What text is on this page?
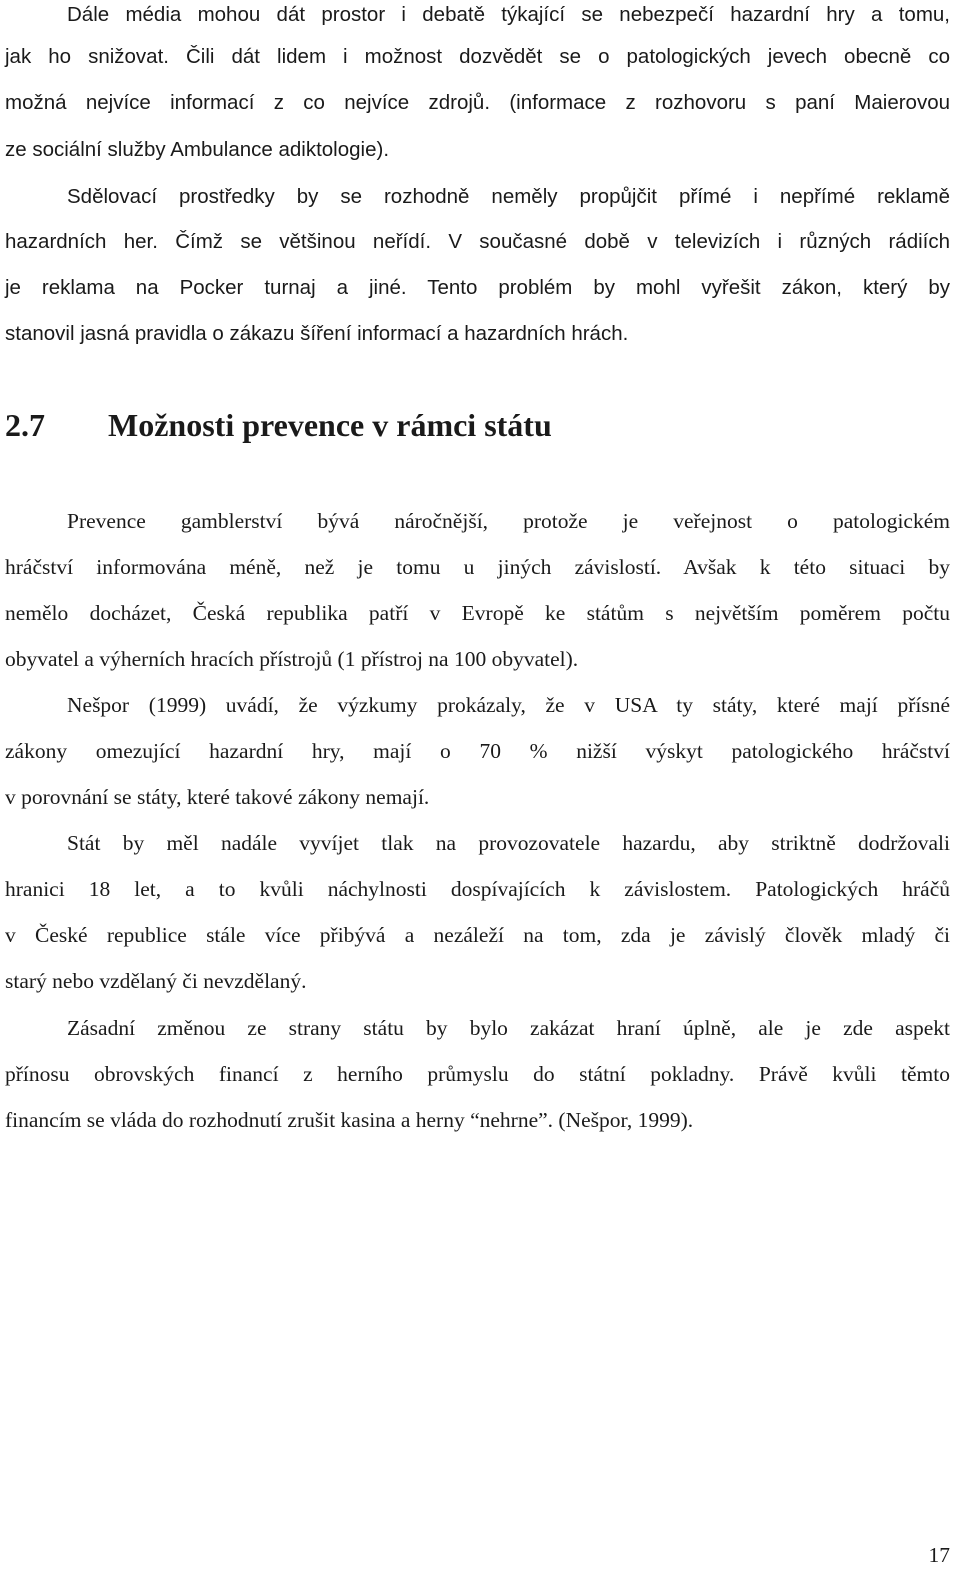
Dále média mohou dát prostor i debatě týkající se nebezpečí hazardní hry a tomu,
jak ho snižovat. Čili dát lidem i možnost dozvědět se o patologických jevech obecně co
možná nejvíce informací z co nejvíce zdrojů. (informace z rozhovoru s paní Maierovou
ze sociální služby Ambulance adiktologie).
Sdělovací prostředky by se rozhodně neměly propůjčit přímé i nepřímé reklamě
hazardních her. Čímž se většinou neřídí. V současné době v televizích i různých rádiích
je reklama na Pocker turnaj a jiné. Tento problém by mohl vyřešit zákon, který by
stanovil jasná pravidla o zákazu šíření informací a hazardních hrách.
2.7 Možnosti prevence v rámci státu
Prevence gamblerství bývá náročnější, protože je veřejnost o patologickém
hráčství informována méně, než je tomu u jiných závislostí. Avšak k této situaci by
nemělo docházet, Česká republika patří v Evropě ke státům s největším poměrem počtu
obyvatel a výherních hracích přístrojů (1 přístroj na 100 obyvatel).
Nešpor (1999) uvádí, že výzkumy prokázaly, že v USA ty státy, které mají přísné
zákony omezující hazardní hry, mají o 70 % nižší výskyt patologického hráčství
v porovnání se státy, které takové zákony nemají.
Stát by měl nadále vyvíjet tlak na provozovatele hazardu, aby striktně dodržovali
hranici 18 let, a to kvůli náchylnosti dospívajících k závislostem. Patologických hráčů
v České republice stále více přibývá a nezáleží na tom, zda je závislý člověk mladý či
starý nebo vzdělaný či nevzdělaný.
Zásadní změnou ze strany státu by bylo zakázat hraní úplně, ale je zde aspekt
přínosu obrovských financí z herního průmyslu do státní pokladny. Právě kvůli těmto
financím se vláda do rozhodnutí zrušit kasina a herny “nehrne”. (Nešpor, 1999).
17
